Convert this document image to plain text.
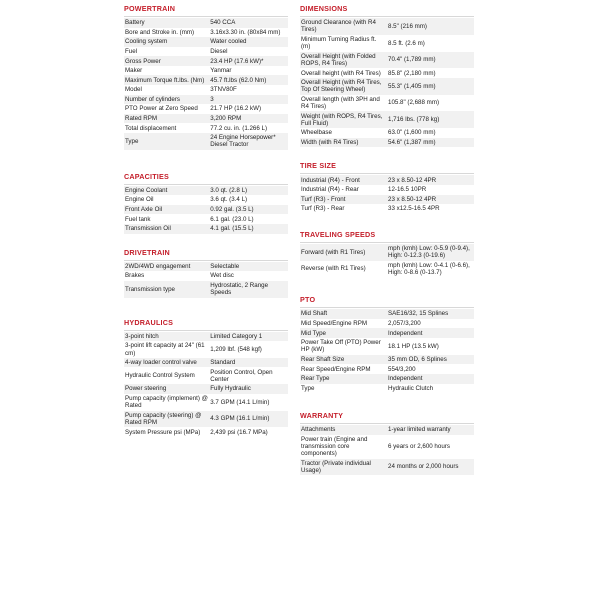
POWERTRAIN
Battery	540 CCA
Bore and Stroke in. (mm)	3.16x3.30 in. (80x84 mm)
Cooling system	Water cooled
Fuel	Diesel
Gross Power	23.4 HP (17.6 kW)*
Maker	Yanmar
Maximum Torque ft.lbs. (Nm)	45.7 ft.lbs (62.0 Nm)
Model	3TNV80F
Number of cylinders	3
PTO Power at Zero Speed	21.7 HP (16.2 kW)
Rated RPM	3,200 RPM
Total displacement	77.2 cu. in. (1.266 L)
Type	24 Engine Horsepower* Diesel Tractor
CAPACITIES
Engine Coolant	3.0 qt. (2.8 L)
Engine Oil	3.6 qt. (3.4 L)
Front Axle Oil	0.92 gal. (3.5 L)
Fuel tank	6.1 gal. (23.0 L)
Transmission Oil	4.1 gal. (15.5 L)
DRIVETRAIN
2WD/4WD engagement	Selectable
Brakes	Wet disc
Transmission type	Hydrostatic, 2 Range Speeds
HYDRAULICS
3-point hitch	Limited Category 1
3-point lift capacity at 24" (61 cm)	1,209 lbf. (548 kgf)
4-way loader control valve	Standard
Hydraulic Control System	Position Control, Open Center
Power steering	Fully Hydraulic
Pump capacity (implement) @ Rated	3.7 GPM (14.1 L/min)
Pump capacity (steering) @ Rated RPM	4.3 GPM (16.1 L/min)
System Pressure psi (MPa)	2,439 psi (16.7 MPa)
DIMENSIONS
Ground Clearance (with R4 Tires)	8.5" (216 mm)
Minimum Turning Radius ft. (m)	8.5 ft. (2.6 m)
Overall Height (with Folded ROPS, R4 Tires)	70.4" (1,789 mm)
Overall height (with R4 Tires)	85.8" (2,180 mm)
Overall Height (with R4 Tires, Top Of Steering Wheel)	55.3" (1,405 mm)
Overall length (with 3PH and R4 Tires)	105.8" (2,688 mm)
Weight (with ROPS, R4 Tires, Full Fluid)	1,716 lbs. (778 kg)
Wheelbase	63.0" (1,600 mm)
Width (with R4 Tires)	54.6" (1,387 mm)
TIRE SIZE
Industrial (R4) - Front	23 x 8.50-12 4PR
Industrial (R4) - Rear	12-16.5 10PR
Turf (R3) - Front	23 x 8.50-12 4PR
Turf (R3) - Rear	33 x12.5-16.5 4PR
TRAVELING SPEEDS
Forward (with R1 Tires)	mph (kmh) Low: 0-5.9 (0-9.4), High: 0-12.3 (0-19.6)
Reverse (with R1 Tires)	mph (kmh) Low: 0-4.1 (0-6.6), High: 0-8.6 (0-13.7)
PTO
Mid Shaft	SAE16/32, 15 Splines
Mid Speed/Engine RPM	2,057/3,200
Mid Type	Independent
Power Take Off (PTO) Power HP (kW)	18.1 HP (13.5 kW)
Rear Shaft Size	35 mm OD, 6 Splines
Rear Speed/Engine RPM	554/3,200
Rear Type	Independent
Type	Hydraulic Clutch
WARRANTY
Attachments	1-year limited warranty
Power train (Engine and transmission core components)	6 years or 2,600 hours
Tractor (Private individual Usage)	24 months or 2,000 hours
